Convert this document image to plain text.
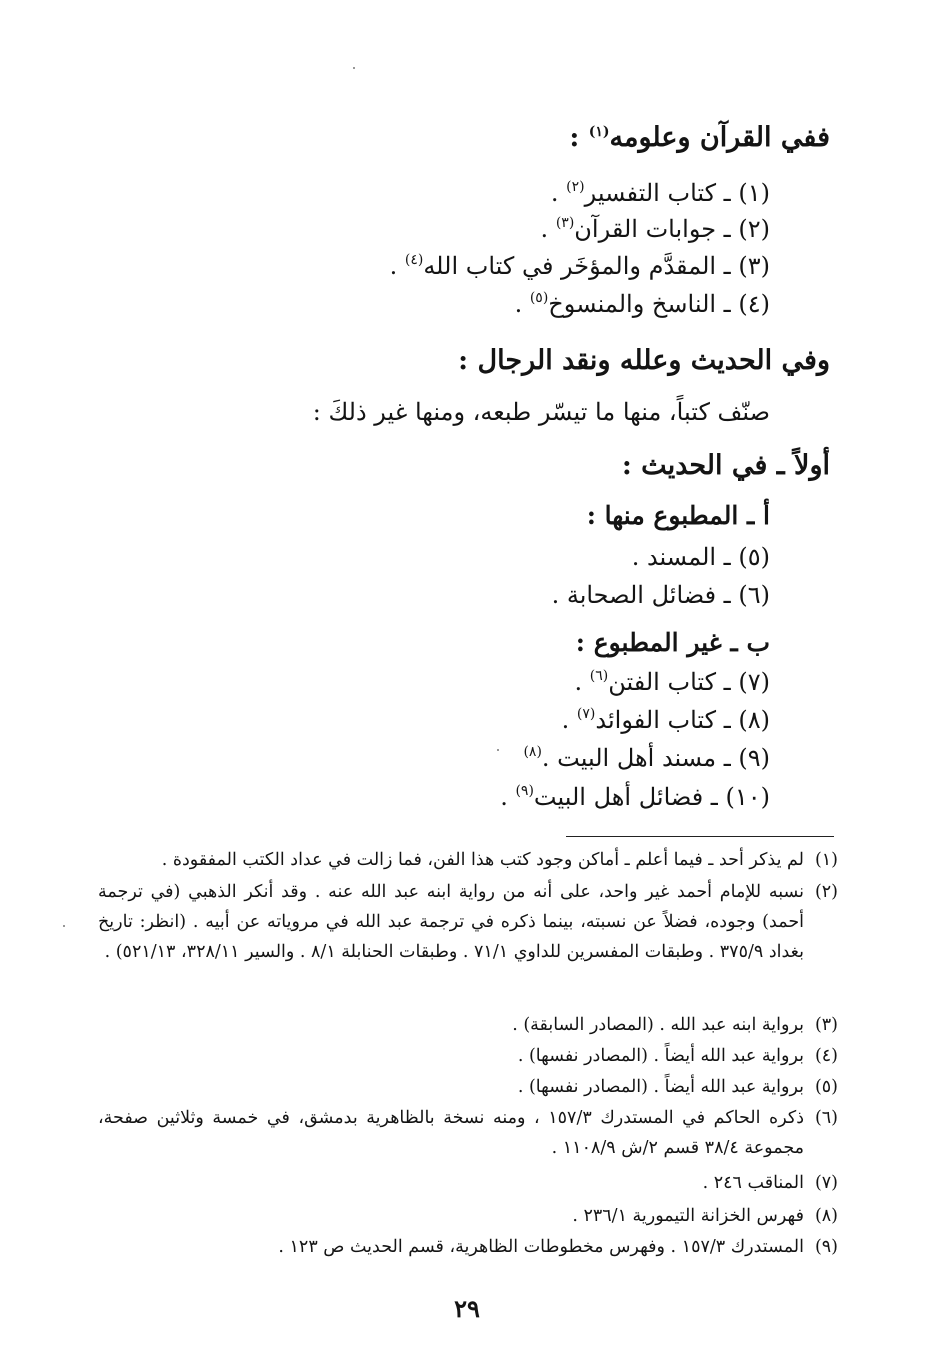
ففي القرآن وعلومه$^{(١)}$ :
(١) ـ كتاب التفسير$^{(٢)}$ .
(٢) ـ جوابات القرآن$^{(٣)}$ .
(٣) ـ المقدَّم والمؤخَر في كتاب الله$^{(٤)}$ .
(٤) ـ الناسخ والمنسوخ$^{(٥)}$ .
وفي الحديث وعلله ونقد الرجال :
صنّف كتباً، منها ما تيسّر طبعه، ومنها غير ذلكَ :
أولاً ـ في الحديث :
أ ـ المطبوع منها :
(٥) ـ المسند .
(٦) ـ فضائل الصحابة .
ب ـ غير المطبوع :
(٧) ـ كتاب الفتن$^{(٦)}$ .
(٨) ـ كتاب الفوائد$^{(٧)}$ .
(٩) ـ مسند أهل البيت .$^{(٨)}$
(١٠) ـ فضائل أهل البيت$^{(٩)}$ .
(١)
لم يذكر أحد ـ فيما أعلم ـ أماكن وجود كتب هذا الفن، فما زالت في عداد الكتب المفقودة .
(٢)
نسبه للإمام أحمد غير واحد، على أنه من رواية ابنه عبد الله عنه . وقد أنكر الذهبي (في ترجمة أحمد) وجوده، فضلاً عن نسبته، بينما ذكره في ترجمة عبد الله في مروياته عن أبيه . (انظر: تاريخ بغداد ٣٧٥/٩ . وطبقات المفسرين للداوي ٧١/١ . وطبقات الحنابلة ٨/١ . والسير ٣٢٨/١١، ٥٢١/١٣) .
(٣)
برواية ابنه عبد الله . (المصادر السابقة) .
(٤)
برواية عبد الله أيضاً . (المصادر نفسها) .
(٥)
برواية عبد الله أيضاً . (المصادر نفسها) .
(٦)
ذكره الحاكم في المستدرك ١٥٧/٣ ، ومنه نسخة بالظاهرية بدمشق، في خمسة وثلاثين صفحة، مجموعة ٣٨/٤ قسم ٢/ش ١١٠٨/٩ .
(٧)
المناقب ٢٤٦ .
(٨)
فهرس الخزانة التيمورية ٢٣٦/١ .
(٩)
المستدرك ١٥٧/٣ . وفهرس مخطوطات الظاهرية، قسم الحديث ص ١٢٣ .
٢٩
